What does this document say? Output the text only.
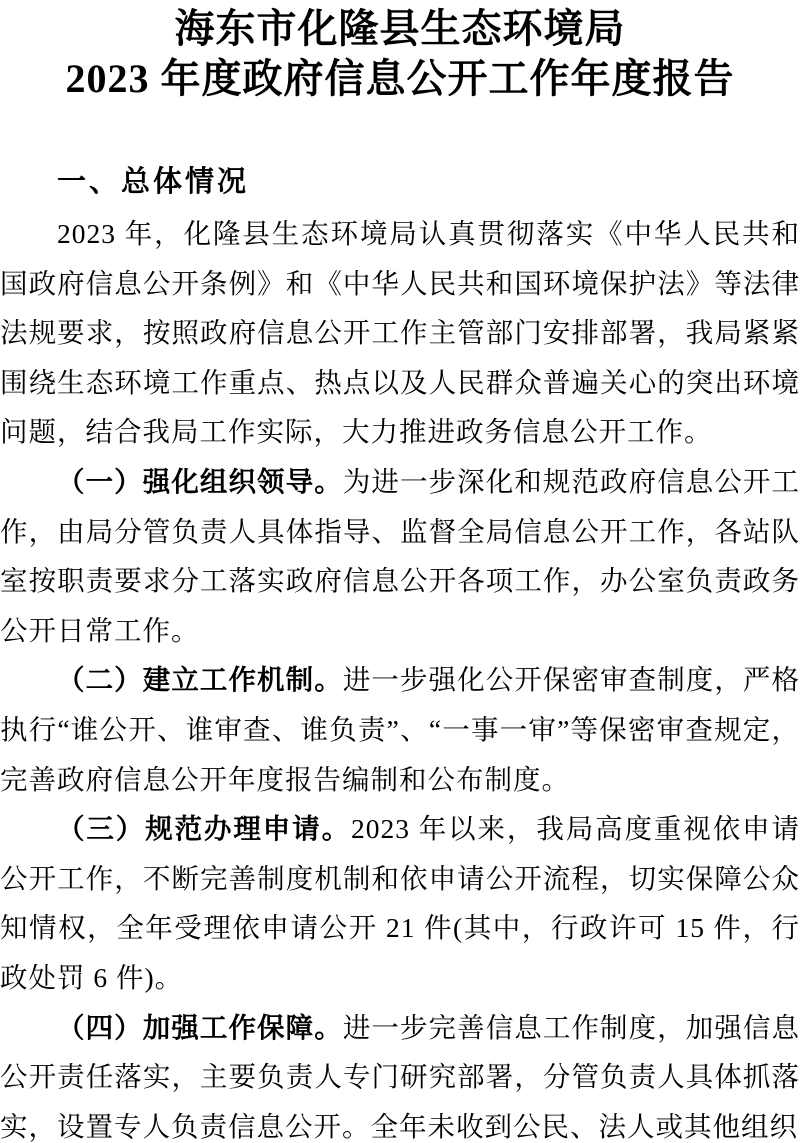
海东市化隆县生态环境局
2023 年度政府信息公开工作年度报告
一、总体情况

2023 年，化隆县生态环境局认真贯彻落实《中华人民共和国政府信息公开条例》和《中华人民共和国环境保护法》等法律法规要求，按照政府信息公开工作主管部门安排部署，我局紧紧围绕生态环境工作重点、热点以及人民群众普遍关心的突出环境问题，结合我局工作实际，大力推进政务信息公开工作。

（一）强化组织领导。为进一步深化和规范政府信息公开工作，由局分管负责人具体指导、监督全局信息公开工作，各站队室按职责要求分工落实政府信息公开各项工作，办公室负责政务公开日常工作。

（二）建立工作机制。进一步强化公开保密审查制度，严格执行“谁公开、谁审查、谁负责”、“一事一审”等保密审查规定，完善政府信息公开年度报告编制和公布制度。

（三）规范办理申请。2023 年以来，我局高度重视依申请公开工作，不断完善制度机制和依申请公开流程，切实保障公众知情权，全年受理依申请公开 21 件(其中，行政许可 15 件，行政处罚 6 件)。

（四）加强工作保障。进一步完善信息工作制度，加强信息公开责任落实，主要负责人专门研究部署，分管负责人具体抓落实，设置专人负责信息公开。全年未收到公民、法人或其他组织
